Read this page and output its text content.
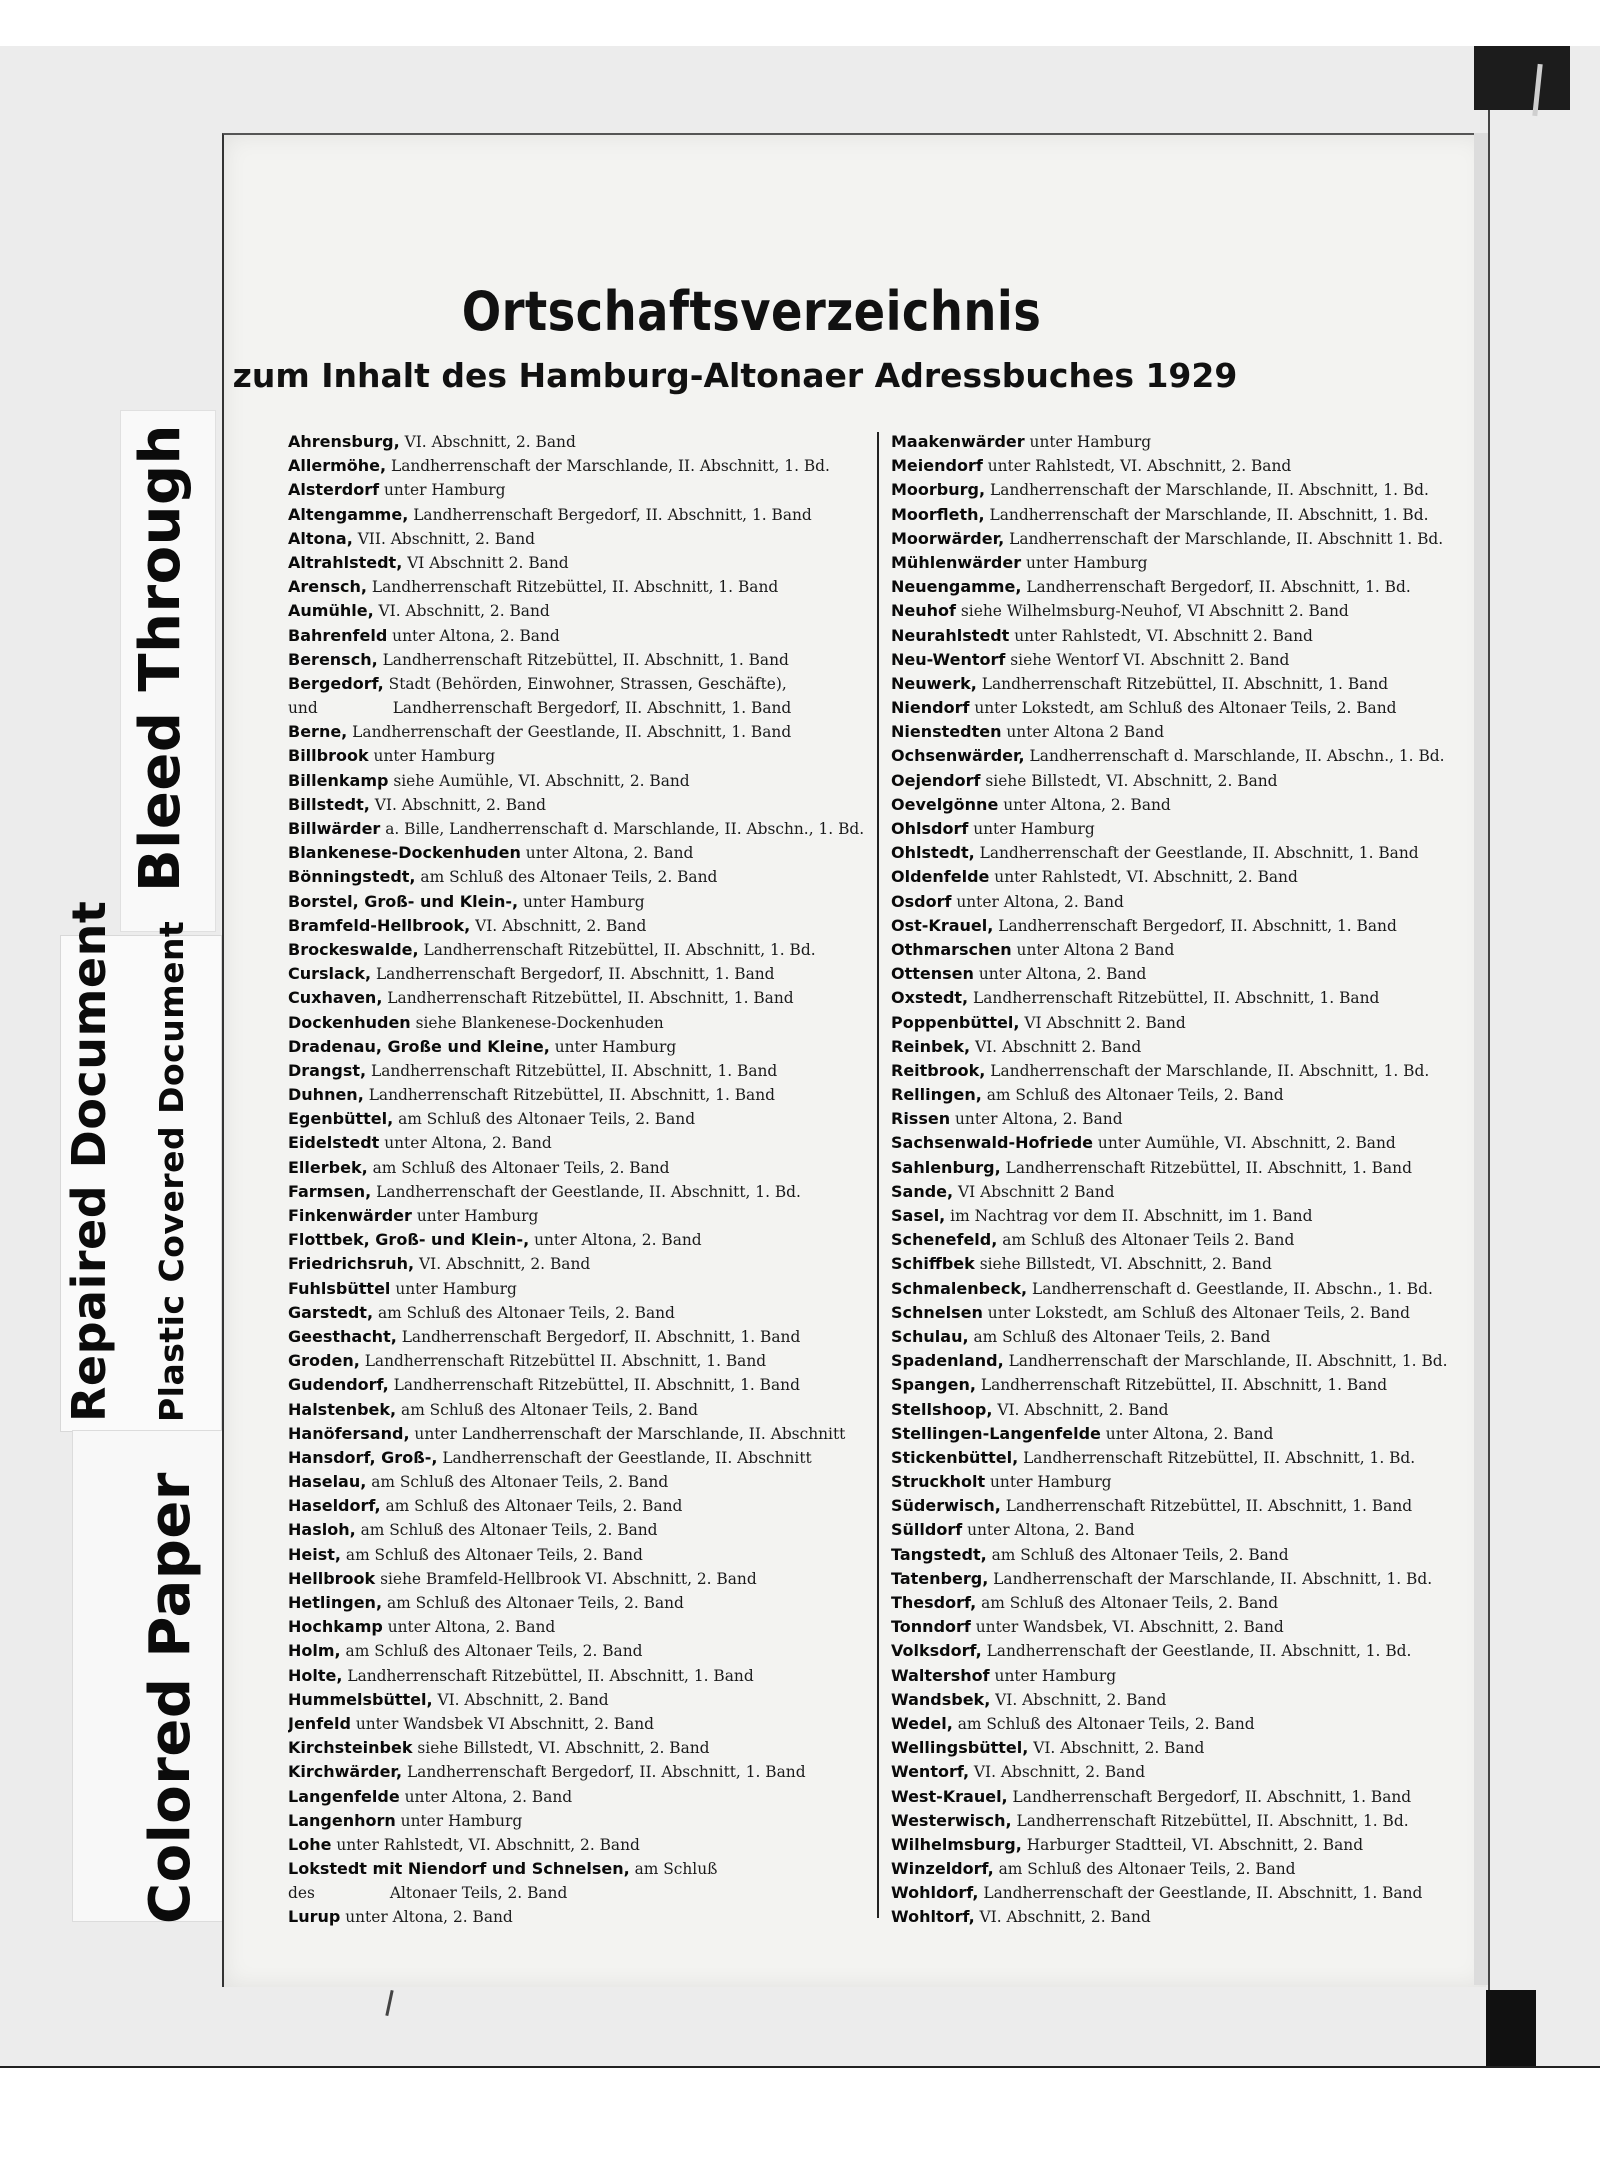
Bleed Through
Repaired Document Plastic Covered Document
Colored Paper
Ortschaftsverzeichnis
zum Inhalt des Hamburg-Altonaer Adressbuches 1929
Ahrensburg, VI. Abschnitt, 2. Band
Allermöhe, Landherrenschaft der Marschlande, II. Abschnitt, 1. Bd.
Alsterdorf unter Hamburg
Altengamme, Landherrenschaft Bergedorf, II. Abschnitt, 1. Band
Altona, VII. Abschnitt, 2. Band
Altrahlstedt, VI Abschnitt 2. Band
Arensch, Landherrenschaft Ritzebüttel, II. Abschnitt, 1. Band
Aumühle, VI. Abschnitt, 2. Band
Bahrenfeld unter Altona, 2. Band
Berensch, Landherrenschaft Ritzebüttel, II. Abschnitt, 1. Band
Bergedorf, Stadt (Behörden, Einwohner, Strassen, Geschäfte), und	Landherrenschaft Bergedorf, II. Abschnitt, 1. Band
Berne, Landherrenschaft der Geestlande, II. Abschnitt, 1. Band
Billbrook unter Hamburg
Billenkamp siehe Aumühle, VI. Abschnitt, 2. Band
Billstedt, VI. Abschnitt, 2. Band
Billwärder a. Bille, Landherrenschaft d. Marschlande, II. Abschn., 1. Bd.
Blankenese-Dockenhuden unter Altona, 2. Band
Bönningstedt, am Schluß des Altonaer Teils, 2. Band
Borstel, Groß- und Klein-, unter Hamburg
Bramfeld-Hellbrook, VI. Abschnitt, 2. Band
Brockeswalde, Landherrenschaft Ritzebüttel, II. Abschnitt, 1. Bd.
Curslack, Landherrenschaft Bergedorf, II. Abschnitt, 1. Band
Cuxhaven, Landherrenschaft Ritzebüttel, II. Abschnitt, 1. Band
Dockenhuden siehe Blankenese-Dockenhuden
Dradenau, Große und Kleine, unter Hamburg
Drangst, Landherrenschaft Ritzebüttel, II. Abschnitt, 1. Band
Duhnen, Landherrenschaft Ritzebüttel, II. Abschnitt, 1. Band
Egenbüttel, am Schluß des Altonaer Teils, 2. Band
Eidelstedt unter Altona, 2. Band
Ellerbek, am Schluß des Altonaer Teils, 2. Band
Farmsen, Landherrenschaft der Geestlande, II. Abschnitt, 1. Bd.
Finkenwärder unter Hamburg
Flottbek, Groß- und Klein-, unter Altona, 2. Band
Friedrichsruh, VI. Abschnitt, 2. Band
Fuhlsbüttel unter Hamburg
Garstedt, am Schluß des Altonaer Teils, 2. Band
Geesthacht, Landherrenschaft Bergedorf, II. Abschnitt, 1. Band
Groden, Landherrenschaft Ritzebüttel II. Abschnitt, 1. Band
Gudendorf, Landherrenschaft Ritzebüttel, II. Abschnitt, 1. Band
Halstenbek, am Schluß des Altonaer Teils, 2. Band
Hanöfersand, unter Landherrenschaft der Marschlande, II. Abschnitt
Hansdorf, Groß-, Landherrenschaft der Geestlande, II. Abschnitt
Haselau, am Schluß des Altonaer Teils, 2. Band
Haseldorf, am Schluß des Altonaer Teils, 2. Band
Hasloh, am Schluß des Altonaer Teils, 2. Band
Heist, am Schluß des Altonaer Teils, 2. Band
Hellbrook siehe Bramfeld-Hellbrook VI. Abschnitt, 2. Band
Hetlingen, am Schluß des Altonaer Teils, 2. Band
Hochkamp unter Altona, 2. Band
Holm, am Schluß des Altonaer Teils, 2. Band
Holte, Landherrenschaft Ritzebüttel, II. Abschnitt, 1. Band
Hummelsbüttel, VI. Abschnitt, 2. Band
Jenfeld unter Wandsbek VI Abschnitt, 2. Band
Kirchsteinbek siehe Billstedt, VI. Abschnitt, 2. Band
Kirchwärder, Landherrenschaft Bergedorf, II. Abschnitt, 1. Band
Langenfelde unter Altona, 2. Band
Langenhorn unter Hamburg
Lohe unter Rahlstedt, VI. Abschnitt, 2. Band
Lokstedt mit Niendorf und Schnelsen, am Schluß des	Altonaer Teils, 2. Band
Lurup unter Altona, 2. Band
Maakenwärder unter Hamburg
Meiendorf unter Rahlstedt, VI. Abschnitt, 2. Band
Moorburg, Landherrenschaft der Marschlande, II. Abschnitt, 1. Bd.
Moorfleth, Landherrenschaft der Marschlande, II. Abschnitt, 1. Bd.
Moorwärder, Landherrenschaft der Marschlande, II. Abschnitt 1. Bd.
Mühlenwärder unter Hamburg
Neuengamme, Landherrenschaft Bergedorf, II. Abschnitt, 1. Bd.
Neuhof siehe Wilhelmsburg-Neuhof, VI Abschnitt 2. Band
Neurahlstedt unter Rahlstedt, VI. Abschnitt 2. Band
Neu-Wentorf siehe Wentorf VI. Abschnitt 2. Band
Neuwerk, Landherrenschaft Ritzebüttel, II. Abschnitt, 1. Band
Niendorf unter Lokstedt, am Schluß des Altonaer Teils, 2. Band
Nienstedten unter Altona 2 Band
Ochsenwärder, Landherrenschaft d. Marschlande, II. Abschn., 1. Bd.
Oejendorf siehe Billstedt, VI. Abschnitt, 2. Band
Oevelgönne unter Altona, 2. Band
Ohlsdorf unter Hamburg
Ohlstedt, Landherrenschaft der Geestlande, II. Abschnitt, 1. Band
Oldenfelde unter Rahlstedt, VI. Abschnitt, 2. Band
Osdorf unter Altona, 2. Band
Ost-Krauel, Landherrenschaft Bergedorf, II. Abschnitt, 1. Band
Othmarschen unter Altona 2 Band
Ottensen unter Altona, 2. Band
Oxstedt, Landherrenschaft Ritzebüttel, II. Abschnitt, 1. Band
Poppenbüttel, VI Abschnitt 2. Band
Reinbek, VI. Abschnitt 2. Band
Reitbrook, Landherrenschaft der Marschlande, II. Abschnitt, 1. Bd.
Rellingen, am Schluß des Altonaer Teils, 2. Band
Rissen unter Altona, 2. Band
Sachsenwald-Hofriede unter Aumühle, VI. Abschnitt, 2. Band
Sahlenburg, Landherrenschaft Ritzebüttel, II. Abschnitt, 1. Band
Sande, VI Abschnitt 2 Band
Sasel, im Nachtrag vor dem II. Abschnitt, im 1. Band
Schenefeld, am Schluß des Altonaer Teils 2. Band
Schiffbek siehe Billstedt, VI. Abschnitt, 2. Band
Schmalenbeck, Landherrenschaft d. Geestlande, II. Abschn., 1. Bd.
Schnelsen unter Lokstedt, am Schluß des Altonaer Teils, 2. Band
Schulau, am Schluß des Altonaer Teils, 2. Band
Spadenland, Landherrenschaft der Marschlande, II. Abschnitt, 1. Bd.
Spangen, Landherrenschaft Ritzebüttel, II. Abschnitt, 1. Band
Stellshoop, VI. Abschnitt, 2. Band
Stellingen-Langenfelde unter Altona, 2. Band
Stickenbüttel, Landherrenschaft Ritzebüttel, II. Abschnitt, 1. Bd.
Struckholt unter Hamburg
Süderwisch, Landherrenschaft Ritzebüttel, II. Abschnitt, 1. Band
Sülldorf unter Altona, 2. Band
Tangstedt, am Schluß des Altonaer Teils, 2. Band
Tatenberg, Landherrenschaft der Marschlande, II. Abschnitt, 1. Bd.
Thesdorf, am Schluß des Altonaer Teils, 2. Band
Tonndorf unter Wandsbek, VI. Abschnitt, 2. Band
Volksdorf, Landherrenschaft der Geestlande, II. Abschnitt, 1. Bd.
Waltershof unter Hamburg
Wandsbek, VI. Abschnitt, 2. Band
Wedel, am Schluß des Altonaer Teils, 2. Band
Wellingsbüttel, VI. Abschnitt, 2. Band
Wentorf, VI. Abschnitt, 2. Band
West-Krauel, Landherrenschaft Bergedorf, II. Abschnitt, 1. Band
Westerwisch, Landherrenschaft Ritzebüttel, II. Abschnitt, 1. Bd.
Wilhelmsburg, Harburger Stadtteil, VI. Abschnitt, 2. Band
Winzeldorf, am Schluß des Altonaer Teils, 2. Band
Wohldorf, Landherrenschaft der Geestlande, II. Abschnitt, 1. Band
Wohltorf, VI. Abschnitt, 2. Band
